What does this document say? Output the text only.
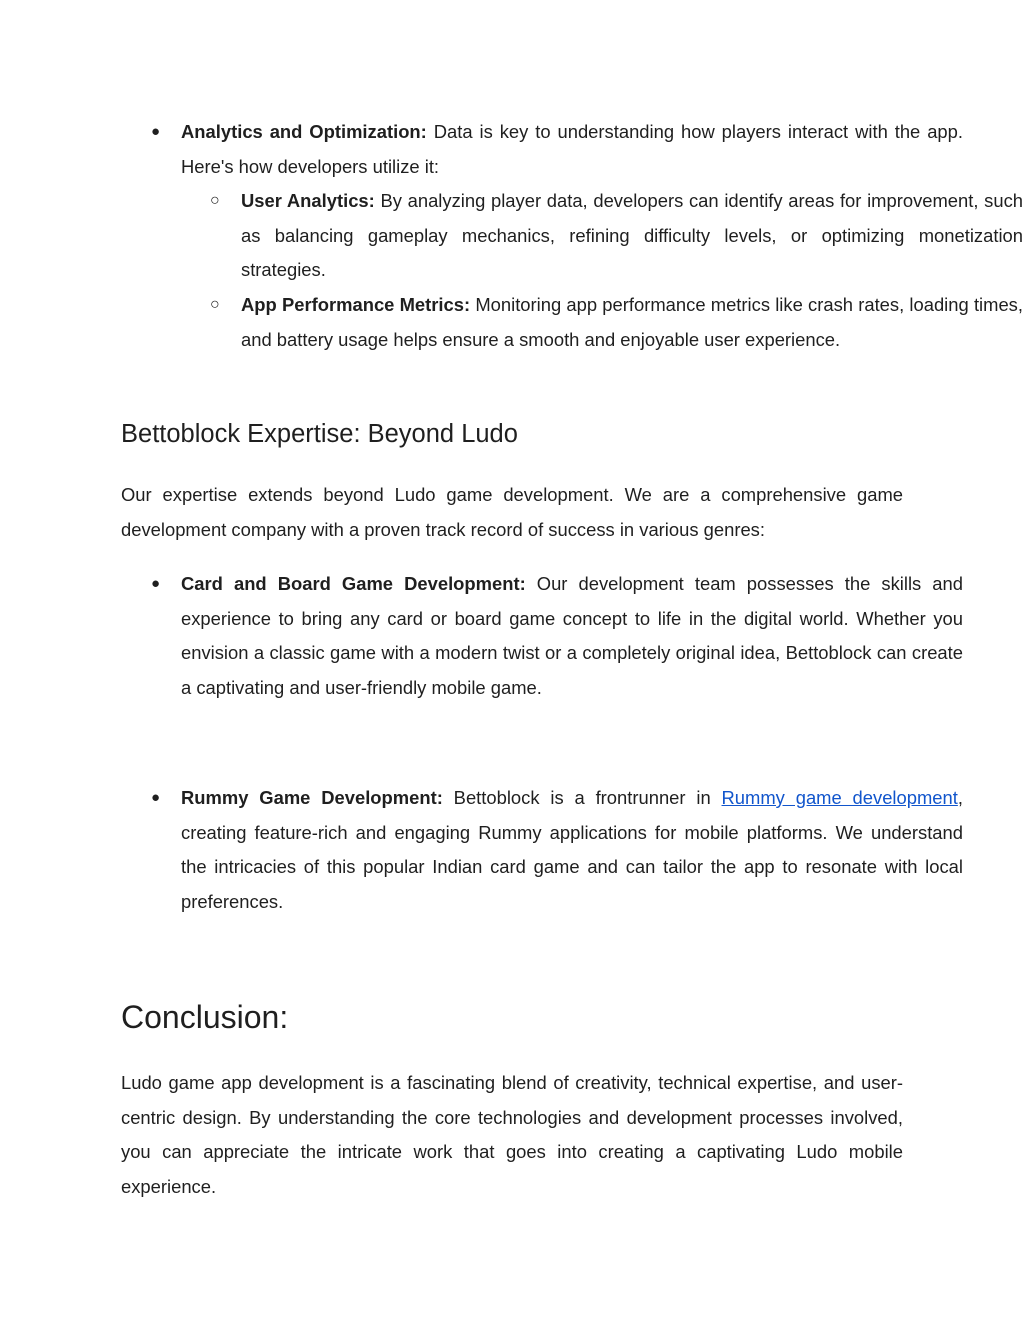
● Analytics and Optimization: Data is key to understanding how players interact with the app. Here's how developers utilize it:
○ User Analytics: By analyzing player data, developers can identify areas for improvement, such as balancing gameplay mechanics, refining difficulty levels, or optimizing monetization strategies.
○ App Performance Metrics: Monitoring app performance metrics like crash rates, loading times, and battery usage helps ensure a smooth and enjoyable user experience.
Bettoblock Expertise: Beyond Ludo

Our expertise extends beyond Ludo game development. We are a comprehensive game development company with a proven track record of success in various genres:

● Card and Board Game Development: Our development team possesses the skills and experience to bring any card or board game concept to life in the digital world. Whether you envision a classic game with a modern twist or a completely original idea, Bettoblock can create a captivating and user-friendly mobile game.
● Rummy Game Development: Bettoblock is a frontrunner in Rummy game development, creating feature-rich and engaging Rummy applications for mobile platforms. We understand the intricacies of this popular Indian card game and can tailor the app to resonate with local preferences.
Conclusion:

Ludo game app development is a fascinating blend of creativity, technical expertise, and user-centric design. By understanding the core technologies and development processes involved, you can appreciate the intricate work that goes into creating a captivating Ludo mobile experience.
